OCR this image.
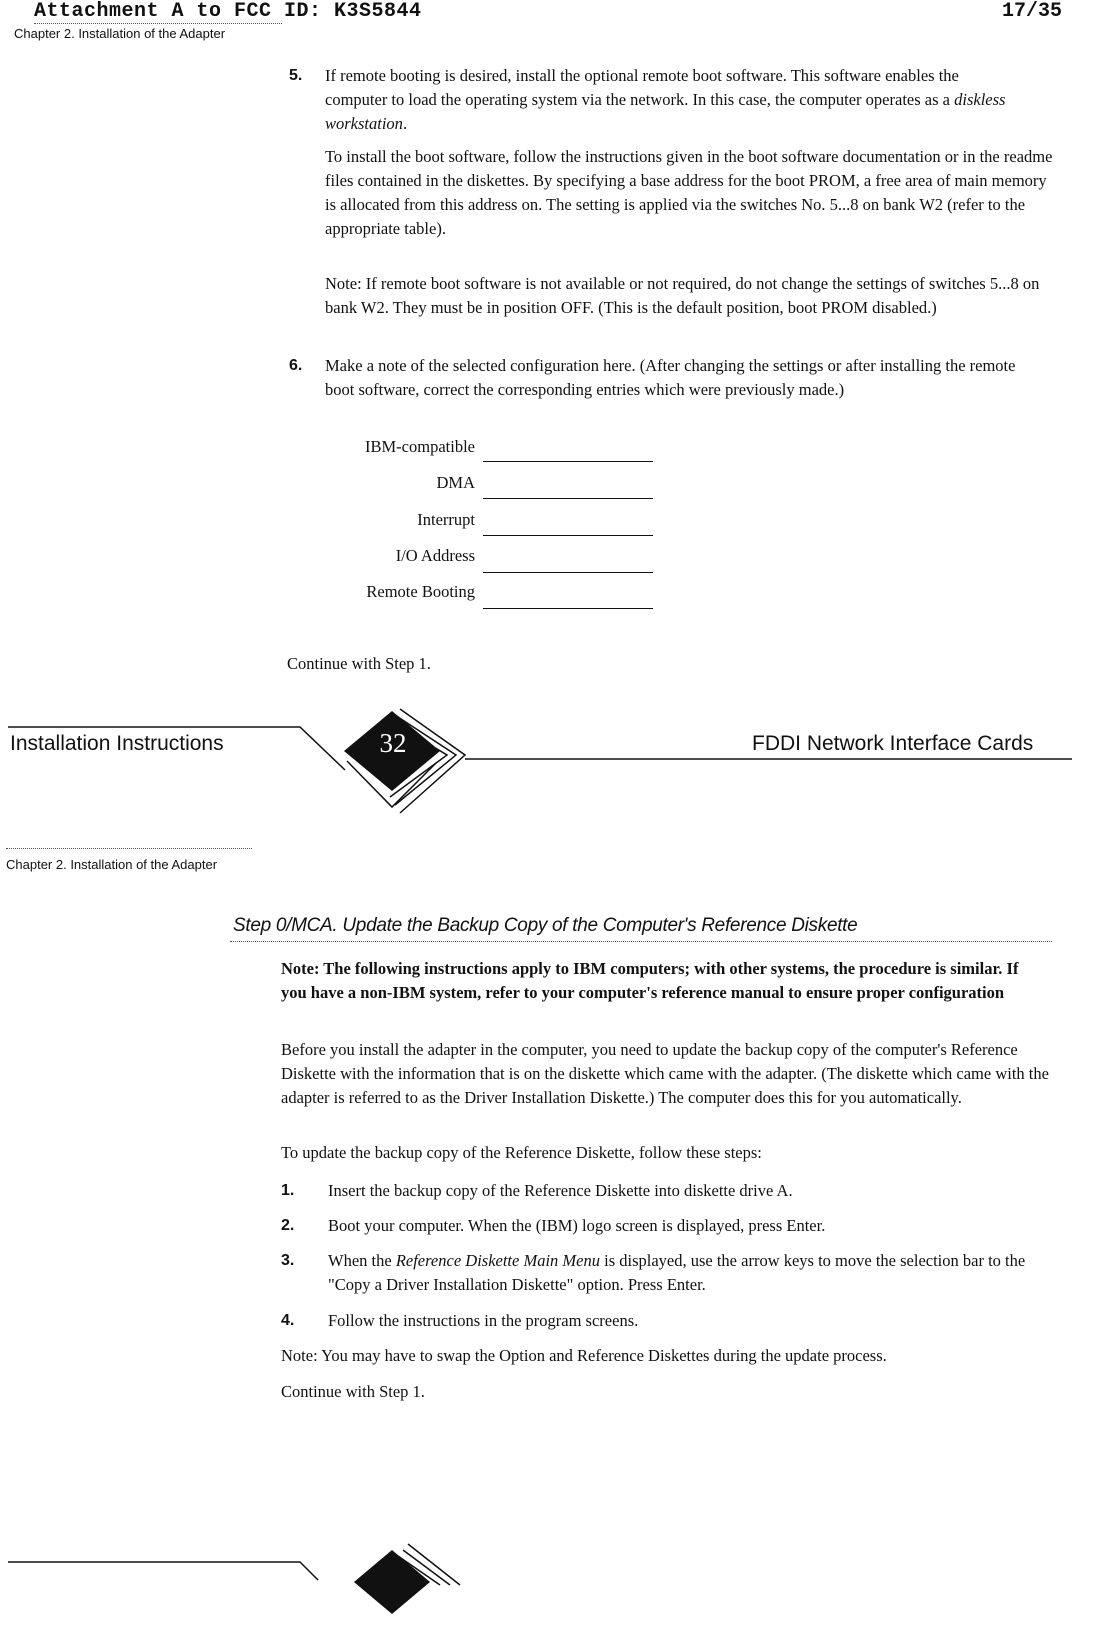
Attachment A to FCC ID: K3S5844	17/35
Chapter 2. Installation of the Adapter
5. If remote booting is desired, install the optional remote boot software. This software enables the computer to load the operating system via the network. In this case, the computer operates as a diskless workstation.
To install the boot software, follow the instructions given in the boot software documentation or in the readme files contained in the diskettes. By specifying a base address for the boot PROM, a free area of main memory is allocated from this address on. The setting is applied via the switches No. 5...8 on bank W2 (refer to the appropriate table).
Note: If remote boot software is not available or not required, do not change the settings of switches 5...8 on bank W2. They must be in position OFF. (This is the default position, boot PROM disabled.)
6. Make a note of the selected configuration here. (After changing the settings or after installing the remote boot software, correct the corresponding entries which were previously made.)
IBM-compatible
DMA
Interrupt
I/O Address
Remote Booting
Continue with Step 1.
Installation Instructions	32	FDDI Network Interface Cards
Chapter 2. Installation of the Adapter
Step 0/MCA. Update the Backup Copy of the Computer's Reference Diskette
Note: The following instructions apply to IBM computers; with other systems, the procedure is similar. If you have a non-IBM system, refer to your computer's reference manual to ensure proper configuration
Before you install the adapter in the computer, you need to update the backup copy of the computer's Reference Diskette with the information that is on the diskette which came with the adapter. (The diskette which came with the adapter is referred to as the Driver Installation Diskette.) The computer does this for you automatically.
To update the backup copy of the Reference Diskette, follow these steps:
1. Insert the backup copy of the Reference Diskette into diskette drive A.
2. Boot your computer. When the (IBM) logo screen is displayed, press Enter.
3. When the Reference Diskette Main Menu is displayed, use the arrow keys to move the selection bar to the "Copy a Driver Installation Diskette" option. Press Enter.
4. Follow the instructions in the program screens.
Note: You may have to swap the Option and Reference Diskettes during the update process.
Continue with Step 1.
